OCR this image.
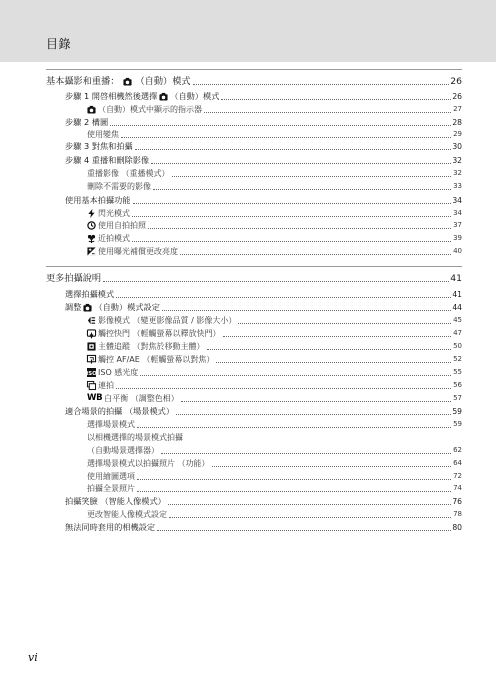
目錄
基本攝影和重播： （自動）模式	26
步驟 1 開啓相機然後選擇 （自動）模式	26
（自動）模式中顯示的指示器	27
步驟 2 構圖	28
使用變焦	29
步驟 3 對焦和拍攝	30
步驟 4 重播和刪除影像	32
重播影像 （重播模式）	32
刪除不需要的影像	33
使用基本拍攝功能	34
閃光模式	34
使用自拍拍照	37
近拍模式	39
使用曝光補償更改亮度	40
更多拍攝說明	41
選擇拍攝模式	41
調整 （自動）模式設定	44
影像模式 （變更影像品質 / 影像大小）	45
觸控快門 （輕觸螢幕以釋放快門）	47
主體追蹤 （對焦於移動主體）	50
觸控 AF/AE （輕觸螢幕以對焦）	52
ISO ISO 感光度	55
連拍	56
WB 白平衡 （調整色相）	57
適合場景的拍攝 （場景模式）	59
選擇場景模式	59
以相機選擇的場景模式拍攝
（自動場景選擇器）	62
選擇場景模式以拍攝照片 （功能）	64
使用繪圖選項	72
拍攝全景照片	74
拍攝笑臉 （智能人像模式）	76
更改智能人像模式設定	78
無法同時套用的相機設定	80
vi
